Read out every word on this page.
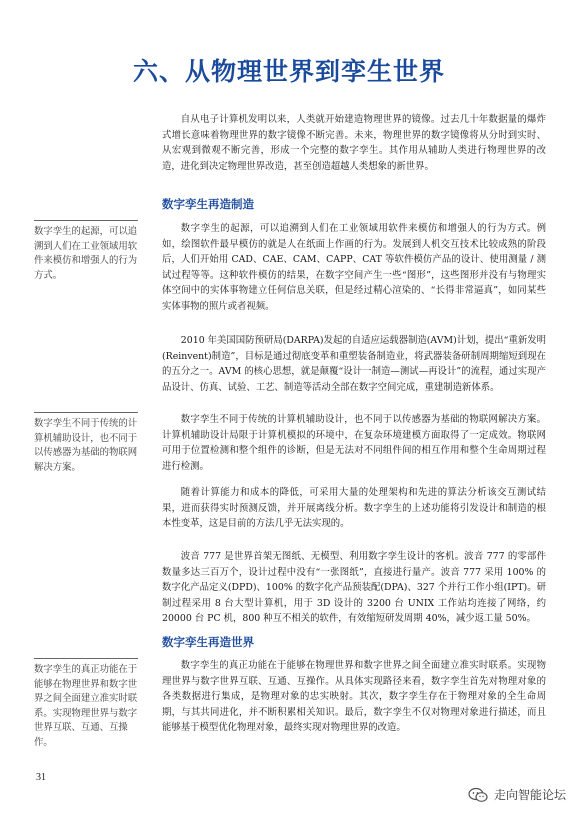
六、从物理世界到孪生世界

自从电子计算机发明以来，人类就开始建造物理世界的镜像。过去几十年数据量的爆炸式增长意味着物理世界的数字镜像不断完善。未来，物理世界的数字镜像将从分时到实时、从宏观到微观不断完善，形成一个完整的数字孪生。其作用从辅助人类进行物理世界的改造，进化到决定物理世界改造，甚至创造超越人类想象的新世界。

数字孪生再造制造

数字孪生的起源，可以追溯到人们在工业领域用软件来模仿和增强人的行为方式。例如，绘图软件最早模仿的就是人在纸面上作画的行为。发展到人机交互技术比较成熟的阶段后，人们开始用 CAD、CAE、CAM、CAPP、CAT 等软件模仿产品的设计、使用测量 / 测试过程等等。这种软件模仿的结果，在数字空间产生一些“图形”，这些图形并没有与物理实体空间中的实体事物建立任何信息关联，但是经过精心渲染的、“长得非常逼真”，如同某些实体事物的照片或者视频。

2010 年美国国防预研局(DARPA)发起的自适应运载器制造(AVM)计划，提出“重新发明(Reinvent)制造”，目标是通过彻底变革和重塑装备制造业，将武器装备研制周期缩短到现在的五分之一。AVM 的核心思想，就是颠覆“设计一制造—测试—再设计”的流程，通过实现产品设计、仿真、试验、工艺、制造等活动全部在数字空间完成，重建制造新体系。

数字孪生不同于传统的计算机辅助设计，也不同于以传感器为基础的物联网解决方案。计算机辅助设计局限于计算机模拟的环境中，在复杂环境建模方面取得了一定成效。物联网可用于位置检测和整个组件的诊断，但是无法对不同组件间的相互作用和整个生命周期过程进行检测。

随着计算能力和成本的降低，可采用大量的处理架构和先进的算法分析该交互测试结果，进而获得实时预测反馈，并开展离线分析。数字孪生的上述功能将引发设计和制造的根本性变革，这是目前的方法几乎无法实现的。

波音 777 是世界首架无图纸、无模型、利用数字孪生设计的客机。波音 777 的零部件数量多达三百万个，设计过程中没有“一张图纸”，直接进行量产。波音 777 采用 100% 的数字化产品定义(DPD)、100% 的数字化产品预装配(DPA)、327 个并行工作小组(IPT)。研制过程采用 8 台大型计算机，用于 3D 设计的 3200 台 UNIX 工作站均连接了网络，约 20000 台 PC 机，800 种互不相关的软件，有效缩短研发周期 40%，减少返工量 50%。

数字孪生再造世界

数字孪生的真正功能在于能够在物理世界和数字世界之间全面建立准实时联系。实现物理世界与数字世界互联、互通、互操作。从具体实现路径来看，数字孪生首先对物理对象的各类数据进行集成，是物理对象的忠实映射。其次，数字孪生存在于物理对象的全生命周期，与其共同进化，并不断积累相关知识。最后，数字孪生不仅对物理对象进行描述，而且能够基于模型优化物理对象，最终实现对物理世界的改造。

数字孪生的起源，可以追溯到人们在工业领域用软件来模仿和增强人的行为方式。

数字孪生不同于传统的计算机辅助设计，也不同于以传感器为基础的物联网解决方案。

数字孪生的真正功能在于能够在物理世界和数字世界之间全面建立准实时联系。实现物理世界与数字世界互联、互通、互操作。

31

走向智能论坛
